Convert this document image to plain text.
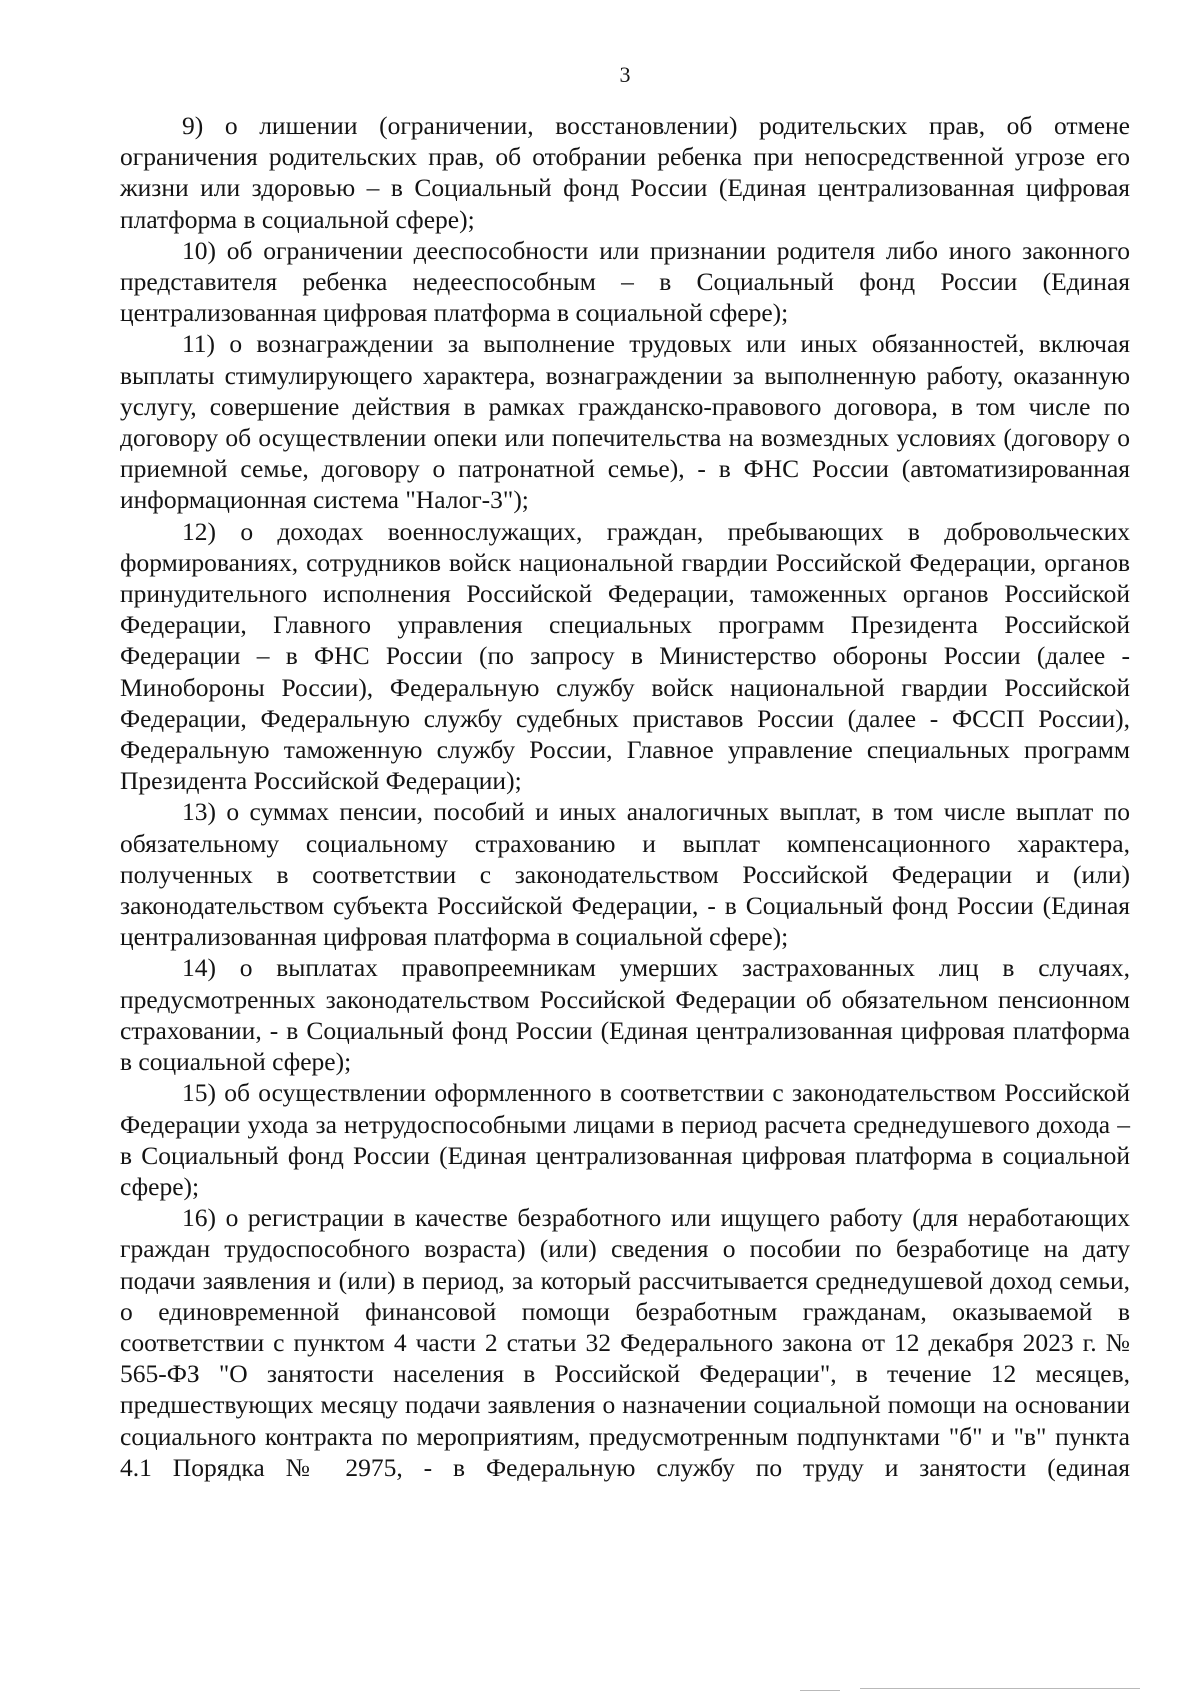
3

9) о лишении (ограничении, восстановлении) родительских прав, об отмене ограничения родительских прав, об отобрании ребенка при непосредственной угрозе его жизни или здоровью – в Социальный фонд России (Единая централизованная цифровая платформа в социальной сфере);

10) об ограничении дееспособности или признании родителя либо иного законного представителя ребенка недееспособным – в Социальный фонд России (Единая централизованная цифровая платформа в социальной сфере);

11) о вознаграждении за выполнение трудовых или иных обязанностей, включая выплаты стимулирующего характера, вознаграждении за выполненную работу, оказанную услугу, совершение действия в рамках гражданско-правового договора, в том числе по договору об осуществлении опеки или попечительства на возмездных условиях (договору о приемной семье, договору о патронатной семье), - в ФНС России (автоматизированная информационная система "Налог-3");

12) о доходах военнослужащих, граждан, пребывающих в добровольческих формированиях, сотрудников войск национальной гвардии Российской Федерации, органов принудительного исполнения Российской Федерации, таможенных органов Российской Федерации, Главного управления специальных программ Президента Российской Федерации – в ФНС России (по запросу в Министерство обороны России (далее - Минобороны России), Федеральную службу войск национальной гвардии Российской Федерации, Федеральную службу судебных приставов России (далее - ФССП России), Федеральную таможенную службу России, Главное управление специальных программ Президента Российской Федерации);

13) о суммах пенсии, пособий и иных аналогичных выплат, в том числе выплат по обязательному социальному страхованию и выплат компенсационного характера, полученных в соответствии с законодательством Российской Федерации и (или) законодательством субъекта Российской Федерации, - в Социальный фонд России (Единая централизованная цифровая платформа в социальной сфере);

14) о выплатах правопреемникам умерших застрахованных лиц в случаях, предусмотренных законодательством Российской Федерации об обязательном пенсионном страховании, - в Социальный фонд России (Единая централизованная цифровая платформа в социальной сфере);

15) об осуществлении оформленного в соответствии с законодательством Российской Федерации ухода за нетрудоспособными лицами в период расчета среднедушевого дохода – в Социальный фонд России (Единая централизованная цифровая платформа в социальной сфере);

16) о регистрации в качестве безработного или ищущего работу (для неработающих граждан трудоспособного возраста) (или) сведения о пособии по безработице на дату подачи заявления и (или) в период, за который рассчитывается среднедушевой доход семьи, о единовременной финансовой помощи безработным гражданам, оказываемой в соответствии с пунктом 4 части 2 статьи 32 Федерального закона от 12 декабря 2023 г. № 565-ФЗ "О занятости населения в Российской Федерации", в течение 12 месяцев, предшествующих месяцу подачи заявления о назначении социальной помощи на основании социального контракта по мероприятиям, предусмотренным подпунктами "б" и "в" пункта 4.1 Порядка № 2975, - в Федеральную службу по труду и занятости (единая
